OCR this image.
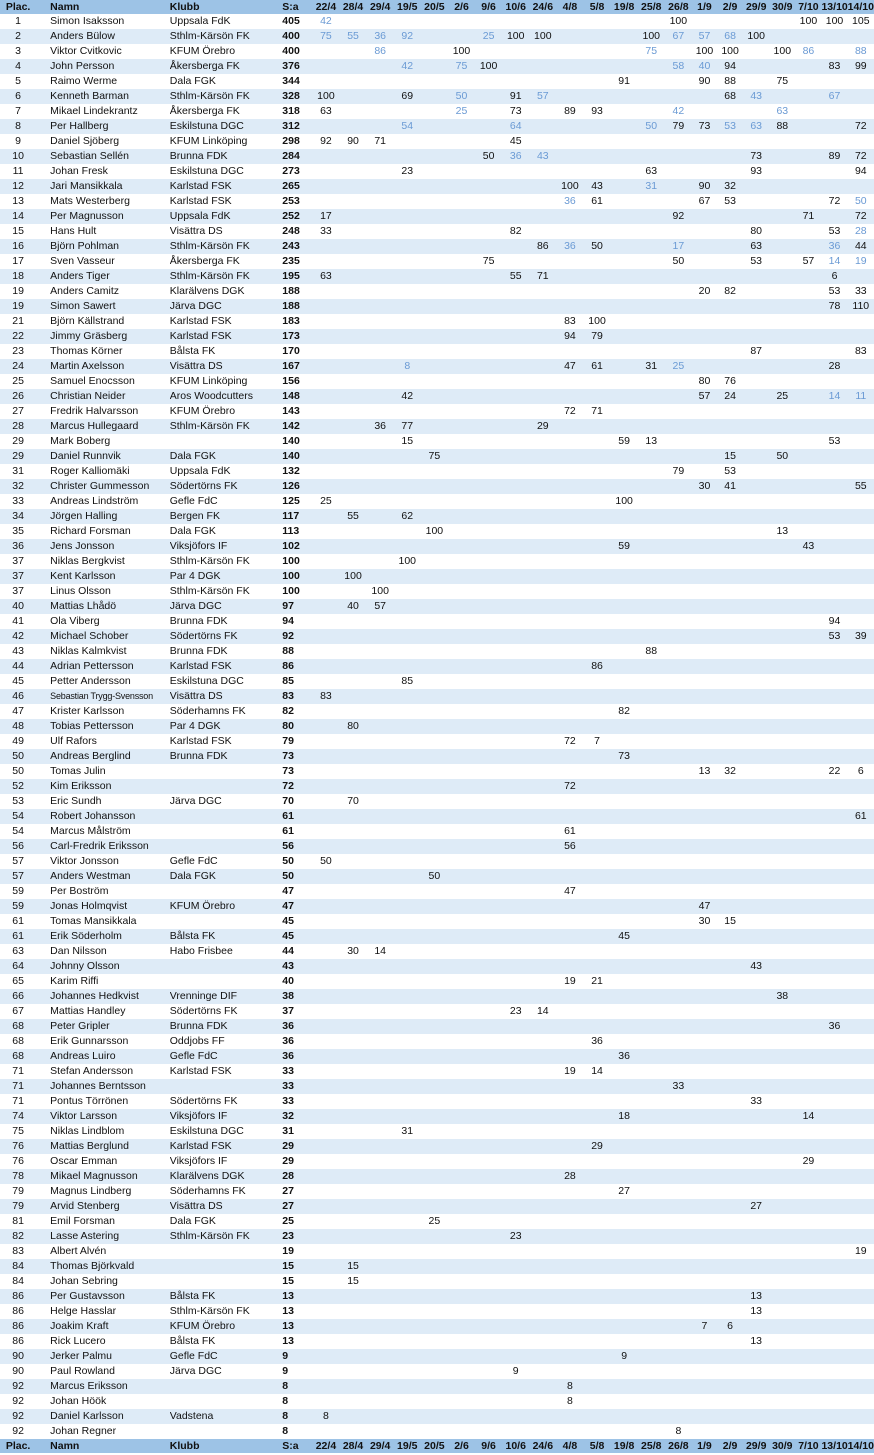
Plac.	Namn	Klubb	S:a	22/4	28/4	29/4	19/5	20/5	2/6	9/6	10/6	24/6	4/8	5/8	19/8	25/8	26/8	1/9	2/9	29/9	30/9	7/10	13/10	14/10
1	Simon Isaksson	Uppsala FdK	405	42													100					100	100	105
2	Anders Bülow	Sthlm-Kärsön FK	400	75	55	36	92			25	100	100				100	67	57	68	100				
3	Viktor Cvitkovic	KFUM Örebro	400			86			100							75		100	100		100	86		88
4	John Persson	Åkersberga FK	376				42		75	100							58	40	94				83	99
5	Raimo Werme	Dala FGK	344												91			90	88		75			
6	Kenneth Barman	Sthlm-Kärsön FK	328	100			69		50		91	57							68	43			67	
7	Mikael Lindekrantz	Åkersberga FK	318	63					25		73		89	93			42				63			
8	Per Hallberg	Eskilstuna DGC	312				54				64					50	79	73	53	63	88			72
9	Daniel Sjöberg	KFUM Linköping	298	92	90	71					45													
10	Sebastian Sellén	Brunna FDK	284							50	36	43								73			89	72
11	Johan Fresk	Eskilstuna DGC	273				23									63				93				94
12	Jari Mansikkala	Karlstad FSK	265										100	43		31		90	32					
13	Mats Westerberg	Karlstad FSK	253										36	61				67	53				72	50
14	Per Magnusson	Uppsala FdK	252	17													92					71		72
15	Hans Hult	Visättra DS	248	33							82									80			53	28
16	Björn Pohlman	Sthlm-Kärsön FK	243									86	36	50			17			63			36	44
17	Sven Vasseur	Åkersberga FK	235							75							50			53		57	14	19
18	Anders Tiger	Sthlm-Kärsön FK	195	63							55	71											6	
19	Anders Camitz	Klarälvens DGK	188															20	82				53	33
19	Simon Sawert	Järva DGC	188																				78	110
21	Björn Källstrand	Karlstad FSK	183										83	100										
22	Jimmy Gräsberg	Karlstad FSK	173										94	79										
23	Thomas Körner	Bålsta FK	170																	87				83
24	Martin Axelsson	Visättra DS	167				8						47	61		31	25						28	
25	Samuel Enocsson	KFUM Linköping	156															80	76					
26	Christian Neider	Aros Woodcutters	148				42											57	24		25		14	11
27	Fredrik Halvarsson	KFUM Örebro	143										72	71										
28	Marcus Hullegaard	Sthlm-Kärsön FK	142			36	77					29												
29	Mark Boberg		140				15								59	13							53	
29	Daniel Runnvik	Dala FGK	140					75											15		50			
31	Roger Kalliomäki	Uppsala FdK	132														79		53					
32	Christer Gummesson	Södertörns FK	126															30	41					55
33	Andreas Lindström	Gefle FdC	125	25											100									
34	Jörgen Halling	Bergen FK	117		55		62																	
35	Richard Forsman	Dala FGK	113					100													13			
36	Jens Jonsson	Viksjöfors IF	102												59							43		
37	Niklas Bergkvist	Sthlm-Kärsön FK	100				100																	
37	Kent Karlsson	Par 4 DGK	100		100																			
37	Linus Olsson	Sthlm-Kärsön FK	100			100																		
40	Mattias Lhådö	Järva DGC	97		40	57																		
41	Ola Viberg	Brunna FDK	94																				94	
42	Michael Schober	Södertörns FK	92																				53	39
43	Niklas Kalmkvist	Brunna FDK	88													88								
44	Adrian Pettersson	Karlstad FSK	86											86										
45	Petter Andersson	Eskilstuna DGC	85				85																	
46	Sebastian Trygg-Svensson	Visättra DS	83	83																				
47	Krister Karlsson	Söderhamns FK	82												82									
48	Tobias Pettersson	Par 4 DGK	80		80																			
49	Ulf Rafors	Karlstad FSK	79										72	7										
50	Andreas Berglind	Brunna FDK	73												73									
50	Tomas Julin		73															13	32				22	6
52	Kim Eriksson		72										72											
53	Eric Sundh	Järva DGC	70		70																			
54	Robert Johansson		61																					61
54	Marcus Målström		61										61											
56	Carl-Fredrik Eriksson		56										56											
57	Viktor Jonsson	Gefle FdC	50	50																				
57	Anders Westman	Dala FGK	50					50																
59	Per Boström		47										47											
59	Jonas Holmqvist	KFUM Örebro	47															47						
61	Tomas Mansikkala		45															30	15					
61	Erik Söderholm	Bålsta FK	45												45									
63	Dan Nilsson	Habo Frisbee	44		30	14																		
64	Johnny Olsson		43																	43				
65	Karim Riffi		40										19	21										
66	Johannes Hedkvist	Vrenninge DIF	38																		38			
67	Mattias Handley	Södertörns FK	37								23	14												
68	Peter Gripler	Brunna FDK	36																				36	
68	Erik Gunnarsson	Oddjobs FF	36											36										
68	Andreas Luiro	Gefle FdC	36												36									
71	Stefan Andersson	Karlstad FSK	33										19	14										
71	Johannes Berntsson		33														33							
71	Pontus Törrönen	Södertörns FK	33																	33				
74	Viktor Larsson	Viksjöfors IF	32												18							14		
75	Niklas Lindblom	Eskilstuna DGC	31				31																	
76	Mattias Berglund	Karlstad FSK	29											29										
76	Oscar Emman	Viksjöfors IF	29																			29		
78	Mikael Magnusson	Klarälvens DGK	28										28											
79	Magnus Lindberg	Söderhamns FK	27												27									
79	Arvid Stenberg	Visättra DS	27																	27				
81	Emil Forsman	Dala FGK	25					25																
82	Lasse Astering	Sthlm-Kärsön FK	23								23													
83	Albert Alvén		19																					19
84	Thomas Björkvald		15		15																			
84	Johan Sebring		15		15																			
86	Per Gustavsson	Bålsta FK	13																	13				
86	Helge Hasslar	Sthlm-Kärsön FK	13																	13				
86	Joakim Kraft	KFUM Örebro	13															7	6					
86	Rick Lucero	Bålsta FK	13																	13				
90	Jerker Palmu	Gefle FdC	9												9									
90	Paul Rowland	Järva DGC	9								9													
92	Marcus Eriksson		8										8											
92	Johan Höök		8										8											
92	Daniel Karlsson	Vadstena	8	8																				
92	Johan Regner		8														8							
Plac.	Namn	Klubb	S:a	22/4	28/4	29/4	19/5	20/5	2/6	9/6	10/6	24/6	4/8	5/8	19/8	25/8	26/8	1/9	2/9	29/9	30/9	7/10	13/10	14/10
